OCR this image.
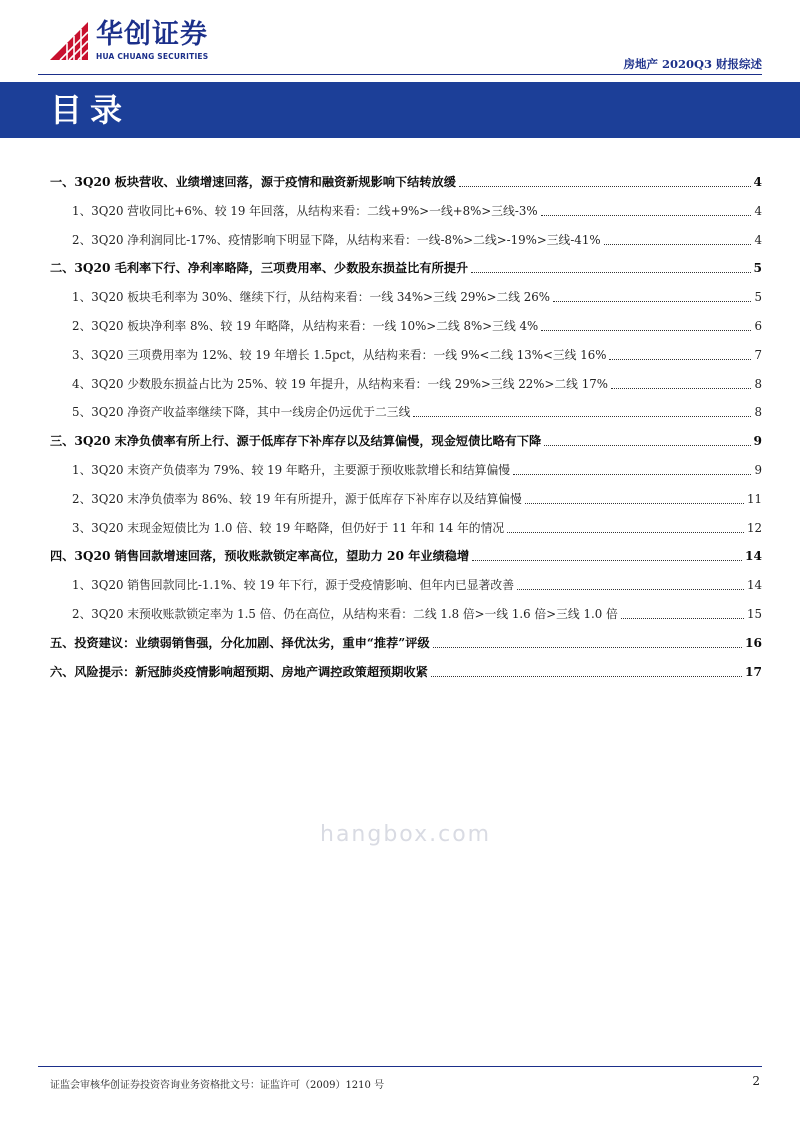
华创证券
HUA CHUANG SECURITIES
房地产 2020Q3 财报综述
目录
一、3Q20 板块营收、业绩增速回落，源于疫情和融资新规影响下结转放缓	4
1、3Q20 营收同比+6%、较 19 年回落，从结构来看：二线+9%>一线+8%>三线-3%	4
2、3Q20 净利润同比-17%、疫情影响下明显下降，从结构来看：一线-8%>二线>-19%>三线-41%	4
二、3Q20 毛利率下行、净利率略降，三项费用率、少数股东损益比有所提升	5
1、3Q20 板块毛利率为 30%、继续下行，从结构来看：一线 34%>三线 29%>二线 26%	5
2、3Q20 板块净利率 8%、较 19 年略降，从结构来看：一线 10%>二线 8%>三线 4%	6
3、3Q20 三项费用率为 12%、较 19 年增长 1.5pct，从结构来看：一线 9%<二线 13%<三线 16%	7
4、3Q20 少数股东损益占比为 25%、较 19 年提升，从结构来看：一线 29%>三线 22%>二线 17%	8
5、3Q20 净资产收益率继续下降，其中一线房企仍远优于二三线	8
三、3Q20 末净负债率有所上行、源于低库存下补库存以及结算偏慢，现金短债比略有下降	9
1、3Q20 末资产负债率为 79%、较 19 年略升，主要源于预收账款增长和结算偏慢	9
2、3Q20 末净负债率为 86%、较 19 年有所提升，源于低库存下补库存以及结算偏慢	11
3、3Q20 末现金短债比为 1.0 倍、较 19 年略降，但仍好于 11 年和 14 年的情况	12
四、3Q20 销售回款增速回落，预收账款锁定率高位，望助力 20 年业绩稳增	14
1、3Q20 销售回款同比-1.1%、较 19 年下行，源于受疫情影响、但年内已显著改善	14
2、3Q20 末预收账款锁定率为 1.5 倍、仍在高位，从结构来看：二线 1.8 倍>一线 1.6 倍>三线 1.0 倍	15
五、投资建议：业绩弱销售强，分化加剧、择优汰劣，重申“推荐”评级	16
六、风险提示：新冠肺炎疫情影响超预期、房地产调控政策超预期收紧	17
hangbox.com
证监会审核华创证券投资咨询业务资格批文号：证监许可（2009）1210 号	2
